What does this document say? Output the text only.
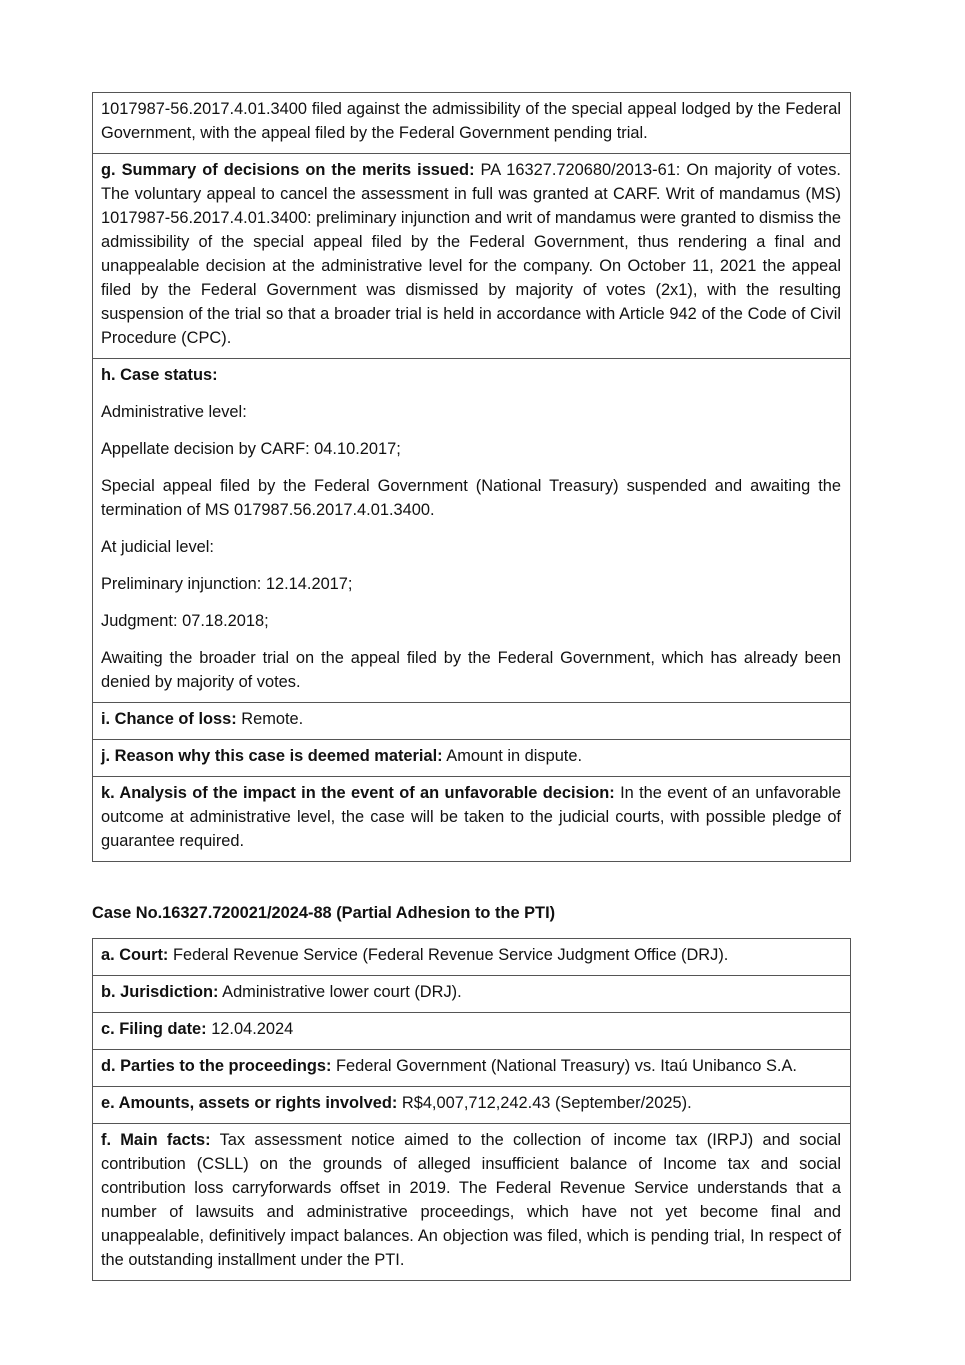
1017987-56.2017.4.01.3400 filed against the admissibility of the special appeal lodged by the Federal Government, with the appeal filed by the Federal Government pending trial.

g. Summary of decisions on the merits issued: PA 16327.720680/2013-61: On majority of votes. The voluntary appeal to cancel the assessment in full was granted at CARF. Writ of mandamus (MS) 1017987-56.2017.4.01.3400: preliminary injunction and writ of mandamus were granted to dismiss the admissibility of the special appeal filed by the Federal Government, thus rendering a final and unappealable decision at the administrative level for the company. On October 11, 2021 the appeal filed by the Federal Government was dismissed by majority of votes (2x1), with the resulting suspension of the trial so that a broader trial is held in accordance with Article 942 of the Code of Civil Procedure (CPC).

h. Case status:

Administrative level:

Appellate decision by CARF: 04.10.2017;

Special appeal filed by the Federal Government (National Treasury) suspended and awaiting the termination of MS 017987.56.2017.4.01.3400.

At judicial level:

Preliminary injunction: 12.14.2017;

Judgment: 07.18.2018;

Awaiting the broader trial on the appeal filed by the Federal Government, which has already been denied by majority of votes.

i. Chance of loss: Remote.

j. Reason why this case is deemed material: Amount in dispute.

k. Analysis of the impact in the event of an unfavorable decision: In the event of an unfavorable outcome at administrative level, the case will be taken to the judicial courts, with possible pledge of guarantee required.

Case No.16327.720021/2024-88 (Partial Adhesion to the PTI)

a. Court: Federal Revenue Service (Federal Revenue Service Judgment Office (DRJ).

b. Jurisdiction: Administrative lower court (DRJ).

c. Filing date: 12.04.2024

d. Parties to the proceedings: Federal Government (National Treasury) vs. Itaú Unibanco S.A.

e. Amounts, assets or rights involved: R$4,007,712,242.43 (September/2025).

f. Main facts: Tax assessment notice aimed to the collection of income tax (IRPJ) and social contribution (CSLL) on the grounds of alleged insufficient balance of Income tax and social contribution loss carryforwards offset in 2019. The Federal Revenue Service understands that a number of lawsuits and administrative proceedings, which have not yet become final and unappealable, definitively impact balances. An objection was filed, which is pending trial, In respect of the outstanding installment under the PTI.
